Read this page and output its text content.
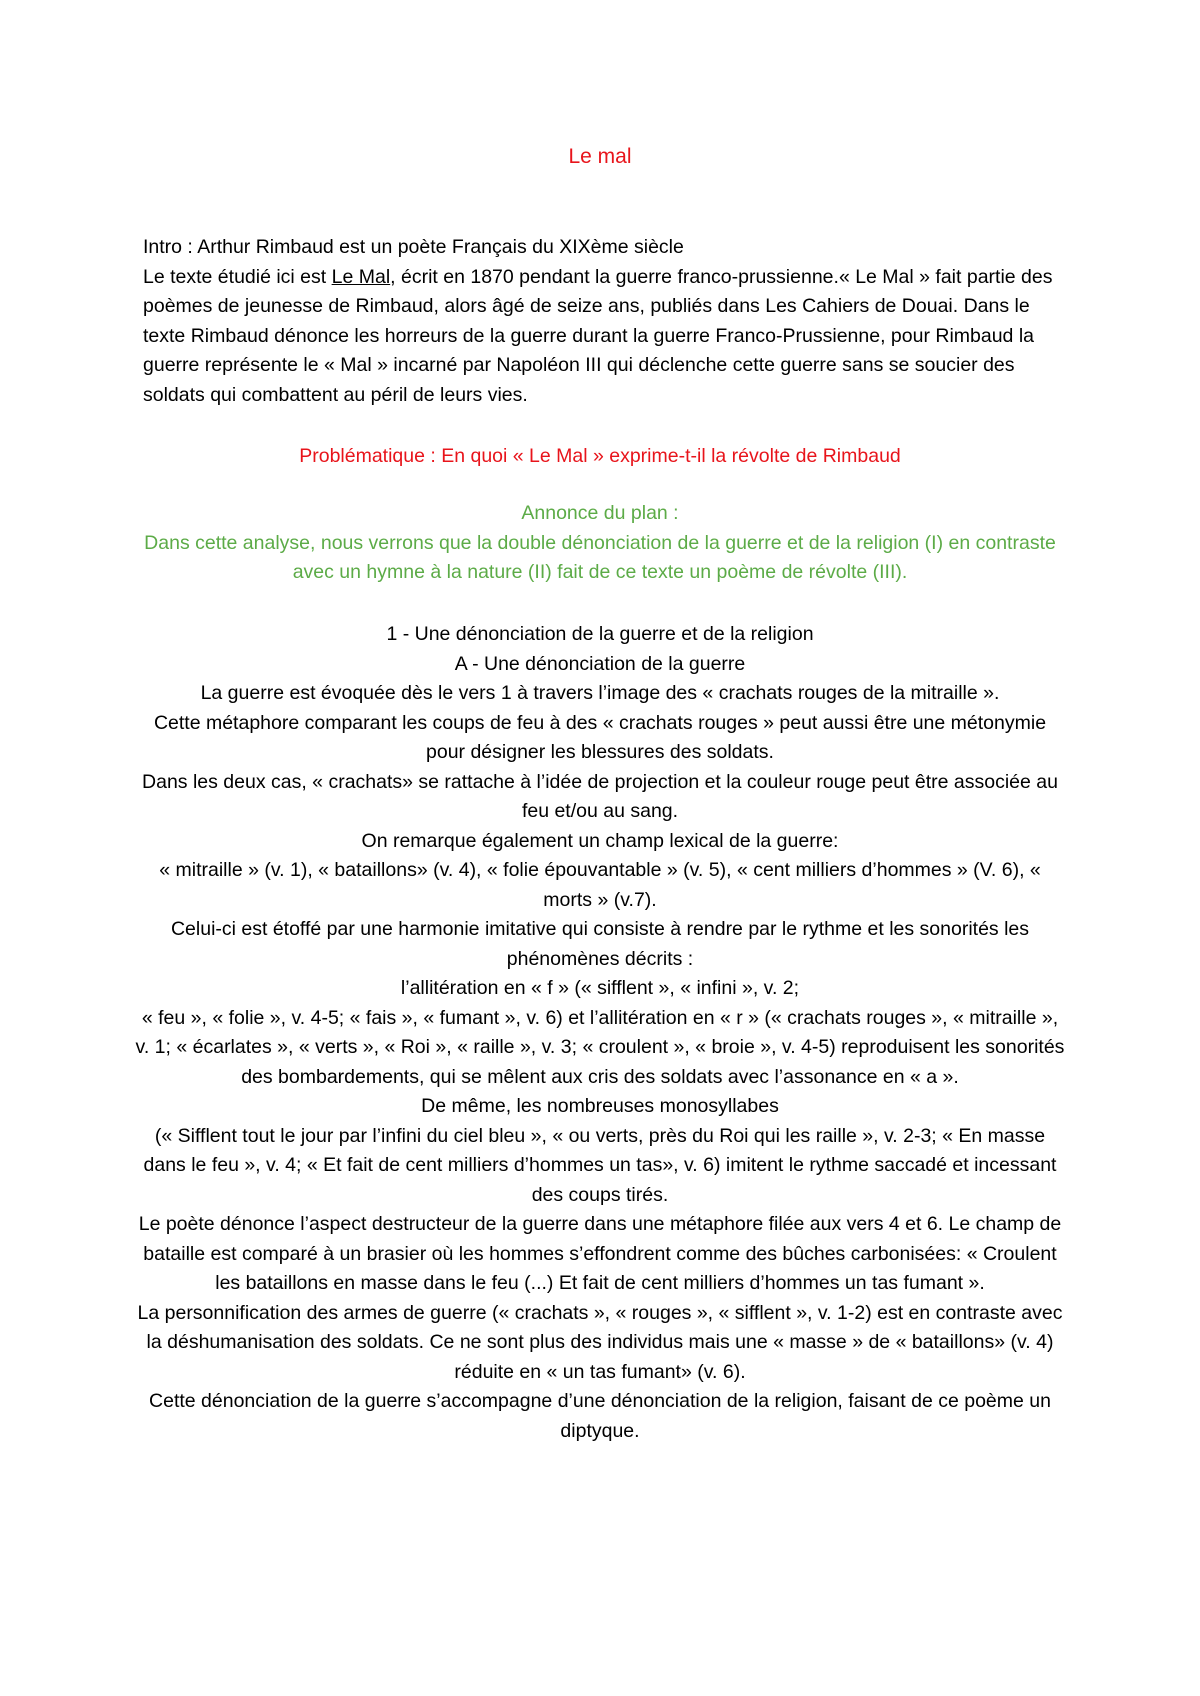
Le mal

Intro : Arthur Rimbaud est un poète Français du XIXème siècle

Le texte étudié ici est Le Mal, écrit en 1870 pendant la guerre franco-prussienne.« Le Mal » fait partie des poèmes de jeunesse de Rimbaud, alors âgé de seize ans, publiés dans Les Cahiers de Douai. Dans le texte Rimbaud dénonce les horreurs de la guerre durant la guerre Franco-Prussienne, pour Rimbaud la guerre représente le « Mal » incarné par Napoléon III qui déclenche cette guerre sans se soucier des soldats qui combattent au péril de leurs vies.

Problématique : En quoi « Le Mal » exprime-t-il la révolte de Rimbaud

Annonce du plan :

Dans cette analyse, nous verrons que la double dénonciation de la guerre et de la religion (I) en contraste avec un hymne à la nature (II) fait de ce texte un poème de révolte (III).

1 - Une dénonciation de la guerre et de la religion

A - Une dénonciation de la guerre

La guerre est évoquée dès le vers 1 à travers l’image des « crachats rouges de la mitraille ».

Cette métaphore comparant les coups de feu à des « crachats rouges » peut aussi être une métonymie pour désigner les blessures des soldats.

Dans les deux cas, « crachats» se rattache à l’idée de projection et la couleur rouge peut être associée au feu et/ou au sang.

On remarque également un champ lexical de la guerre:

« mitraille » (v. 1), « bataillons» (v. 4), « folie épouvantable » (v. 5), « cent milliers d’hommes » (V. 6), « morts » (v.7).

Celui-ci est étoffé par une harmonie imitative qui consiste à rendre par le rythme et les sonorités les phénomènes décrits :

l’allitération en « f » (« sifflent », « infini », v. 2;

« feu », « folie », v. 4-5; « fais », « fumant », v. 6) et l’allitération en « r » (« crachats rouges », « mitraille », v. 1; « écarlates », « verts », « Roi », « raille », v. 3; « croulent », « broie », v. 4-5) reproduisent les sonorités des bombardements, qui se mêlent aux cris des soldats avec l’assonance en « a ».

De même, les nombreuses monosyllabes

(« Sifflent tout le jour par l’infini du ciel bleu », « ou verts, près du Roi qui les raille », v. 2-3; « En masse dans le feu », v. 4; « Et fait de cent milliers d’hommes un tas», v. 6) imitent le rythme saccadé et incessant des coups tirés.

Le poète dénonce l’aspect destructeur de la guerre dans une métaphore filée aux vers 4 et 6. Le champ de bataille est comparé à un brasier où les hommes s’effondrent comme des bûches carbonisées: « Croulent les bataillons en masse dans le feu (...) Et fait de cent milliers d’hommes un tas fumant ».

La personnification des armes de guerre (« crachats », « rouges », « sifflent », v. 1-2) est en contraste avec la déshumanisation des soldats. Ce ne sont plus des individus mais une « masse » de « bataillons» (v. 4) réduite en « un tas fumant» (v. 6).

Cette dénonciation de la guerre s’accompagne d’une dénonciation de la religion, faisant de ce poème un diptyque.
